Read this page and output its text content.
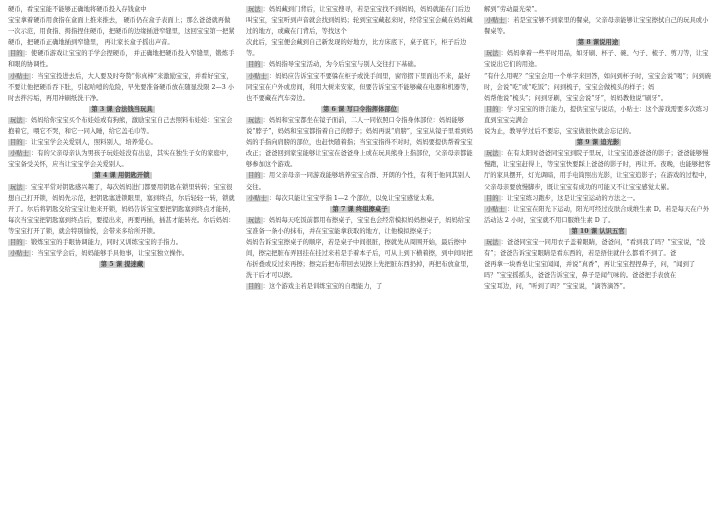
硬币，看宝宝能不能够正确地将硬币投入存钱盒中

宝宝拿着硬币用食指在盒面上推来推去， 硬币仍在盒子表面上；那么爸爸就再做一次示范，用食指、拇指捏住硬币，把硬币的边缘插进窄缝里，这回宝宝第一把紧硬币，把硬币正确地插到窄缝里， 再让家长盒子摇出声音。

目的 ：使硬币游戏让宝宝的手学会捏硬币， 并正确地把硬币投入窄缝里，锻炼手和眼的协调性。

小贴士 ：当宝宝投进去后，大人要及时夸赞“你真棒”来激励宝宝，并看好宝宝，不要让他把硬币吞下肚，引起哈噎的危险，早先要准备硬币放在随显没限 2—3 小时去拌污垢，再用冲刷纸洗干净。

第 3 课 合法钱当玩具

玩法 ：妈妈给你宝宝买个布娃娃或有狗熊，激励宝宝自己去照料布娃娃：宝宝会抱着它，喂它不哭，和它一同入睡，给它盖毛巾等。

目的 ：让宝宝学会关爱别人，照料别人，培养爱心。

小贴士 ：有的父亲母亲认为男孩子玩娃娃没有出息，其实在独生子女的家庭中，宝宝备受关怀，应当让宝宝学会关爱别人。

第 4 课 用钥匙开锁

玩法 ：宝宝平常对钥匙感兴趣了，每次妈妈进门都要用钥匙在锁里转转；宝宝很想自己打开锁，妈妈先示范，把钥匙塞进锁眼里，塞到终点，尔后轻轻一转，锁就开了。尔后将钥匙交给宝宝让他来开锁，妈妈告诉宝宝要把钥匙塞到终点才能转，每次当宝宝把钥匙塞到终点后，要提出来，再要再插，插甚才能转亮。尔后妈妈：等宝宝打开了锁，就会特别愉悦，会带来多给所开锁。

目的 ：锻炼宝宝的手眼协调能力，同时又训练宝宝的手指力。

小贴士 ：当宝宝学会后，妈妈能够手具他事，让宝宝独立操作。

第 5 课 提迷藏

玩法 ：妈妈藏到门背后，让宝宝搜寻，若是宝宝找不到妈妈，妈妈就能在门后边叫宝宝，宝宝听到声音就会找到妈妈；轮到宝宝藏起来时，经常宝宝会藏在妈妈藏过的地方，或藏在门背后，等找这个

次此后，宝宝便会藏到自己新发现的好地方，比方床底下，桌子底下，柜子后边等。

目的 ：妈妈指导宝宝活动，为今后宝宝与别人交往打下基础。

小贴士 ：妈妈应告诉宝宝不要躲在柜子或洗手间里，窗帘摺下里面出不来，最好同宝宝在户外或房间，利用大树来安家，但要告诉宝宝不能够藏在电器和机器等，也不要藏在汽车旁边。

第 6 课 写口令指挥体部位

玩法 ：妈妈和宝宝都坐在镜子面前，二人一同依照口令指身体部位：妈妈能够说“脖子”，妈妈和宝宝都指着自己的脖子；妈妈再说“肩膀”，宝宝从镜子里看到妈妈的手指向肩膀的部位，也赶快随着指；当宝宝指得不对时，妈妈要提供帮着宝宝改正；爸爸回到家宝能够让宝宝在爸爸身上或在玩具熊身上指部位，父亲母亲都能够参加这个游戏。

目的 ：用父亲母亲一同游戏能够培养宝宝合群、开朗的个性，有利于他同其别人交往。

小贴士 ：每次只能让宝宝学指 1—2 个部位，以免让宝宝感觉太难。

第 7 课 终组擦桌子

玩法 ：妈妈每天吃饭前都用布擦桌子，宝宝也会经常模拟妈妈擦桌子，妈妈给宝宝准备一条小的抹布，并在宝宝能拿获取的地方，让他模拟擦桌子；

妈妈告诉宝宝擦桌子的顺序，若是桌子中间很脏，擦就先从周围开始，最后擦中间，擦完把脏布弄回挂在挂过来若是手着本子后，可从上到下横着擦，到中间时把布折叠或反过来再擦；擦完后把布带回去见擦上先把脏东西扔掉，再把布放盒里，洗干后才可以擦。

目的 ：这个游戏主若是训练宝宝的自理能力，了

解到“劳动最光荣”。

小贴士 ：若是宝宝够不到家里的餐桌，父亲母亲能够让宝宝擦拭自己的玩具或小餐桌等。

第 8 课说用途

玩法 ：妈妈拿着一些平时用品，如牙刷、杯子、碗、勺子、梳子、剪刀等，让宝宝说出它们的用途。

“有什么用呢？”宝宝会用一个单字来回答，如问到杯子时，宝宝会说“喝”；问到碗时，会说“吃”或“吃饭”；问到梳子，宝宝会做梳头的样子；妈

妈帮他说“梳头”；问到牙刷，宝宝会说“牙”，妈妈教他说“刷牙”。

目的 ：学习宝宝的语言能力，提供宝宝与说话，小贴士：这个游戏需要多次练习直到宝宝完满会

说为止，教导学过后不要忘，宝宝做很快就会忘记的。

第 9 课 追光影

玩法 ：在有太阳时爸爸同宝宝到院子里玩，让宝宝追逐爸爸的影子；爸爸能够慢慢跑，让宝宝赶得上，等宝宝快要踩上爸爸的影子时，再让开。夜晚，也能够把客厅的家具摆开，灯光调暗，用手电筒照出光影，让宝宝追影子；在游戏的过程中，父亲母亲要放慢脚步，既让宝宝有成功的可能又不让宝宝感觉太累。

目的 ：让宝宝练习跑步，这是让宝宝运动的方法之一。

小贴士 ：让宝宝在阳光下运动，阳光可经过皮肤合成维生素 D。若是每天在户外活动达 2 小时，宝宝就不用口服维生素 D 了。

第 10 课 认识五官

玩法 ：爸爸同宝宝一同用衣子盖着眼睛，爸爸问，“看到我了吗？”宝宝说，“没有”；爸爸告诉宝宝眼睛是看东西的，若是捂住就什么都看不到了。爸

爸再拿一块香皂让宝宝闻闻，并说“真香”，再让宝宝捏捏鼻子，问，“闻到了吗？”宝宝摇摇头，爸爸告诉宝宝，鼻子是闻气味的。爸爸把手表放在

宝宝耳边，问，“听到了吗？”宝宝说，“滴答滴答”。
